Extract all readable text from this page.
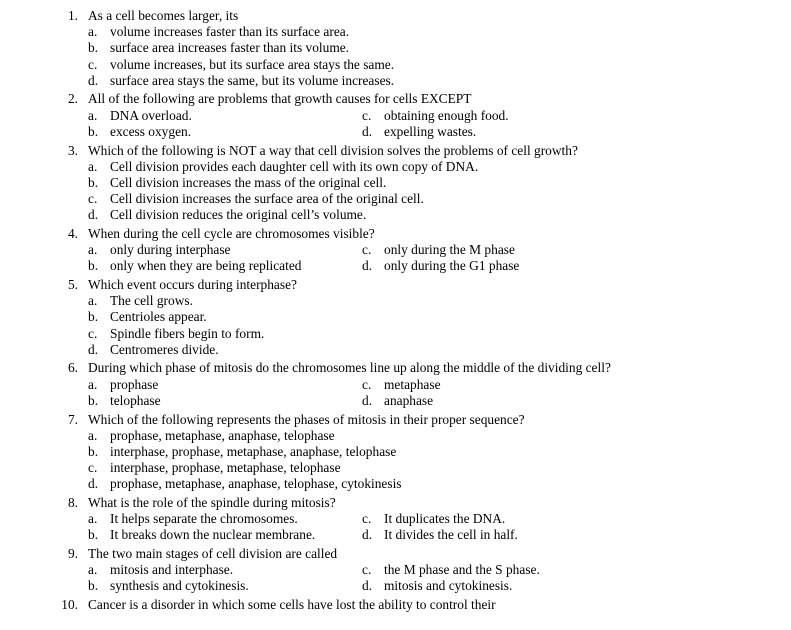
1. As a cell becomes larger, its
a. volume increases faster than its surface area.
b. surface area increases faster than its volume.
c. volume increases, but its surface area stays the same.
d. surface area stays the same, but its volume increases.
2. All of the following are problems that growth causes for cells EXCEPT
a. DNA overload.	c. obtaining enough food.
b. excess oxygen.	d. expelling wastes.
3. Which of the following is NOT a way that cell division solves the problems of cell growth?
a. Cell division provides each daughter cell with its own copy of DNA.
b. Cell division increases the mass of the original cell.
c. Cell division increases the surface area of the original cell.
d. Cell division reduces the original cell’s volume.
4. When during the cell cycle are chromosomes visible?
a. only during interphase	c. only during the M phase
b. only when they are being replicated	d. only during the G1 phase
5. Which event occurs during interphase?
a. The cell grows.
b. Centrioles appear.
c. Spindle fibers begin to form.
d. Centromeres divide.
6. During which phase of mitosis do the chromosomes line up along the middle of the dividing cell?
a. prophase	c. metaphase
b. telophase	d. anaphase
7. Which of the following represents the phases of mitosis in their proper sequence?
a. prophase, metaphase, anaphase, telophase
b. interphase, prophase, metaphase, anaphase, telophase
c. interphase, prophase, metaphase, telophase
d. prophase, metaphase, anaphase, telophase, cytokinesis
8. What is the role of the spindle during mitosis?
a. It helps separate the chromosomes.	c. It duplicates the DNA.
b. It breaks down the nuclear membrane.	d. It divides the cell in half.
9. The two main stages of cell division are called
a. mitosis and interphase.	c. the M phase and the S phase.
b. synthesis and cytokinesis.	d. mitosis and cytokinesis.
10. Cancer is a disorder in which some cells have lost the ability to control their
